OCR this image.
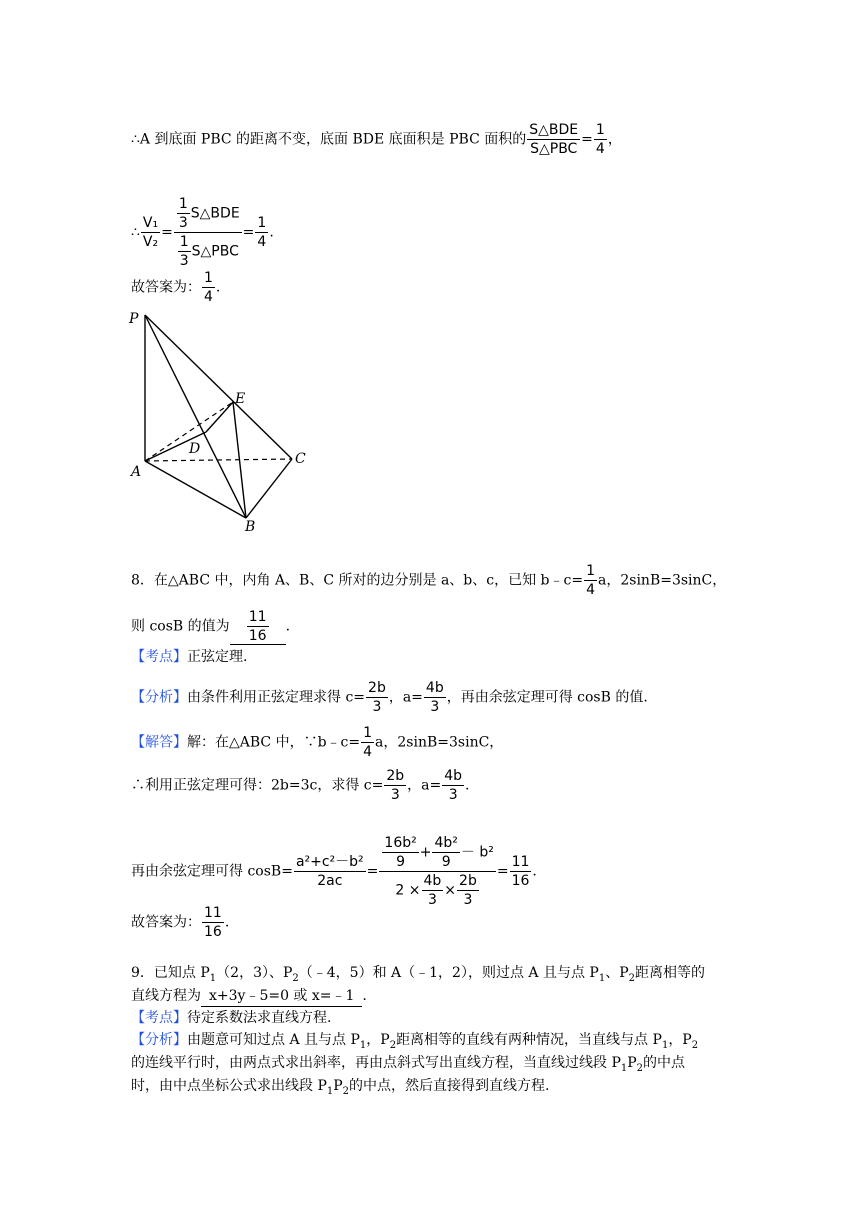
∴A 到底面 PBC 的距离不变，底面 BDE 底面积是 PBC 面积的 $\frac{\text{S△BDE}}{\text{S△PBC}} = \frac{1}{4}$ ，
∴ $\frac{\text{V₁}}{\text{V₂}} = \frac{\frac{1}{3} S\triangle BDE}{\frac{1}{3} S\triangle PBC} = \frac{1}{4}$ .
故答案为： $\frac{1}{4}$ .
P
E
D
A
C
B
8．在△ABC 中，内角 A、B、C 所对的边分别是 a、b、c，已知 b﹣c= $\frac{1}{4}$ a，2sinB=3sinC，
则 cosB 的值为 $\frac{11}{16}$ .
【考点】正弦定理.
【分析】由条件利用正弦定理求得 $c= \frac{2b}{3}$ ，$a= \frac{4b}{3}$ ，再由余弦定理可得 cosB 的值.
【解答】解：在△ABC 中，∵b﹣c= $\frac{1}{4}$ a，2sinB=3sinC，
∴利用正弦定理可得：2b=3c，求得 $c= \frac{2b}{3}$ ，$a= \frac{4b}{3}$ .
再由余弦定理可得 $\cos B= \frac{\text{a²+c²－b²}}{2ac} = \frac{\frac{\text{16b²}}{9} + \frac{\text{4b²}}{9} - b^2}{2 \times \frac{4b}{3} \times \frac{2b}{3}} = \frac{11}{16}$ .
故答案为： $\frac{11}{16}$ .
9．已知点 $P_1(2$，3）、$P_2(﹣4$，5）和 A（﹣1，2），则过点 A 且与点 $P_1$、$P_2$距离相等的
直线方程为 x+3y﹣5=0 或 x=﹣1 .
【考点】待定系数法求直线方程.
【分析】由题意可知过点 A 且与点 $P_1$，$P_2$距离相等的直线有两种情况，当直线与点 $P_1$，$P_2$
的连线平行时，由两点式求出斜率，再由点斜式写出直线方程，当直线过线段 $P_1P_2$的中点
时，由中点坐标公式求出线段 $P_1P_2$的中点，然后直接得到直线方程.
